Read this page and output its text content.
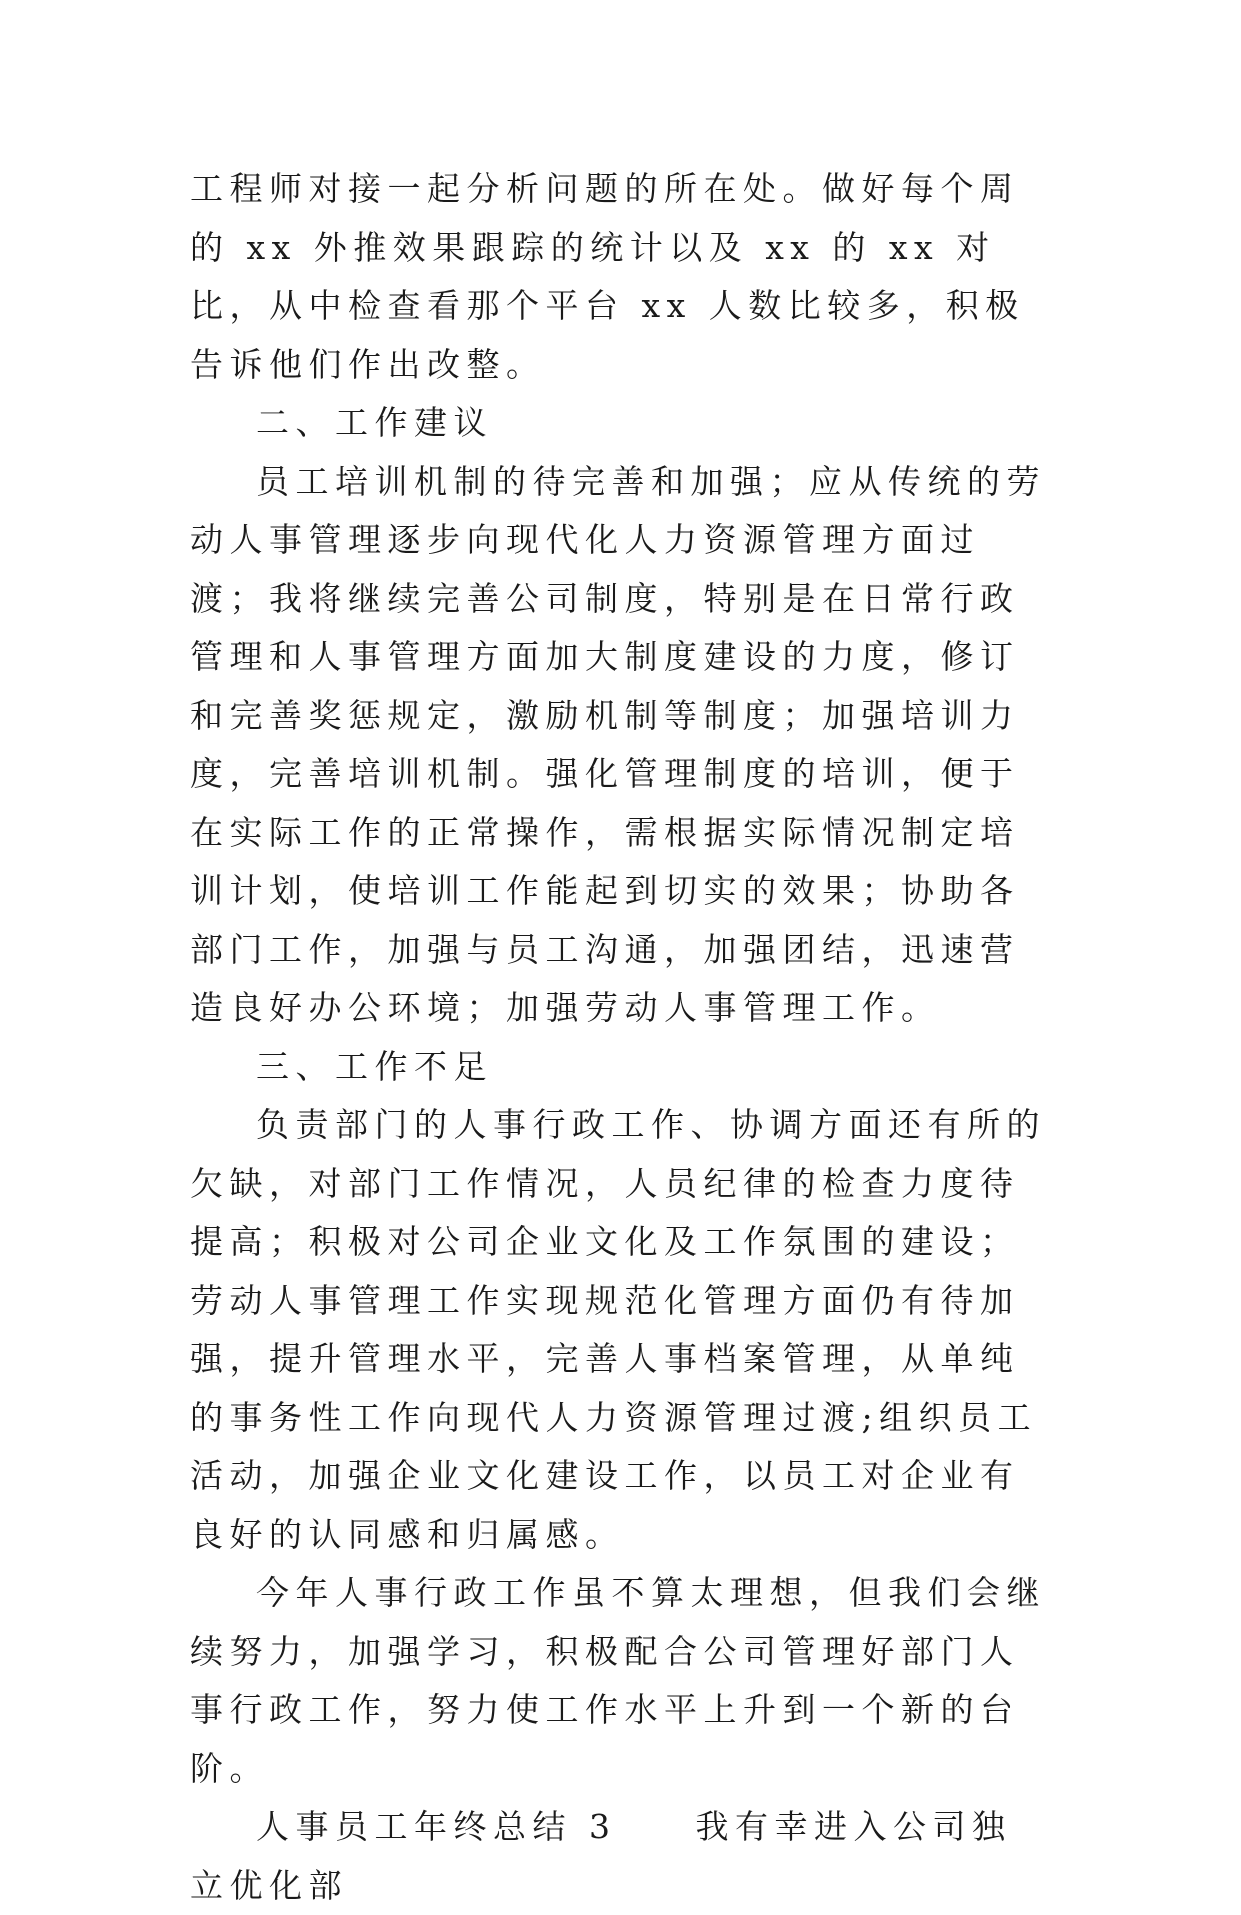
工程师对接一起分析问题的所在处。做好每个周的 xx 外推效果跟踪的统计以及 xx 的 xx 对比，从中检查看那个平台 xx 人数比较多，积极告诉他们作出改整。

二、工作建议

员工培训机制的待完善和加强；应从传统的劳动人事管理逐步向现代化人力资源管理方面过渡；我将继续完善公司制度，特别是在日常行政管理和人事管理方面加大制度建设的力度，修订和完善奖惩规定，激励机制等制度；加强培训力度，完善培训机制。强化管理制度的培训，便于在实际工作的正常操作，需根据实际情况制定培训计划，使培训工作能起到切实的效果；协助各部门工作，加强与员工沟通，加强团结，迅速营造良好办公环境；加强劳动人事管理工作。

三、工作不足

负责部门的人事行政工作、协调方面还有所的欠缺，对部门工作情况，人员纪律的检查力度待提高；积极对公司企业文化及工作氛围的建设；劳动人事管理工作实现规范化管理方面仍有待加强，提升管理水平，完善人事档案管理，从单纯的事务性工作向现代人力资源管理过渡;组织员工活动，加强企业文化建设工作，以员工对企业有良好的认同感和归属感。

今年人事行政工作虽不算太理想，但我们会继续努力，加强学习，积极配合公司管理好部门人事行政工作，努力使工作水平上升到一个新的台阶。

人事员工年终总结 3　　我有幸进入公司独立优化部
